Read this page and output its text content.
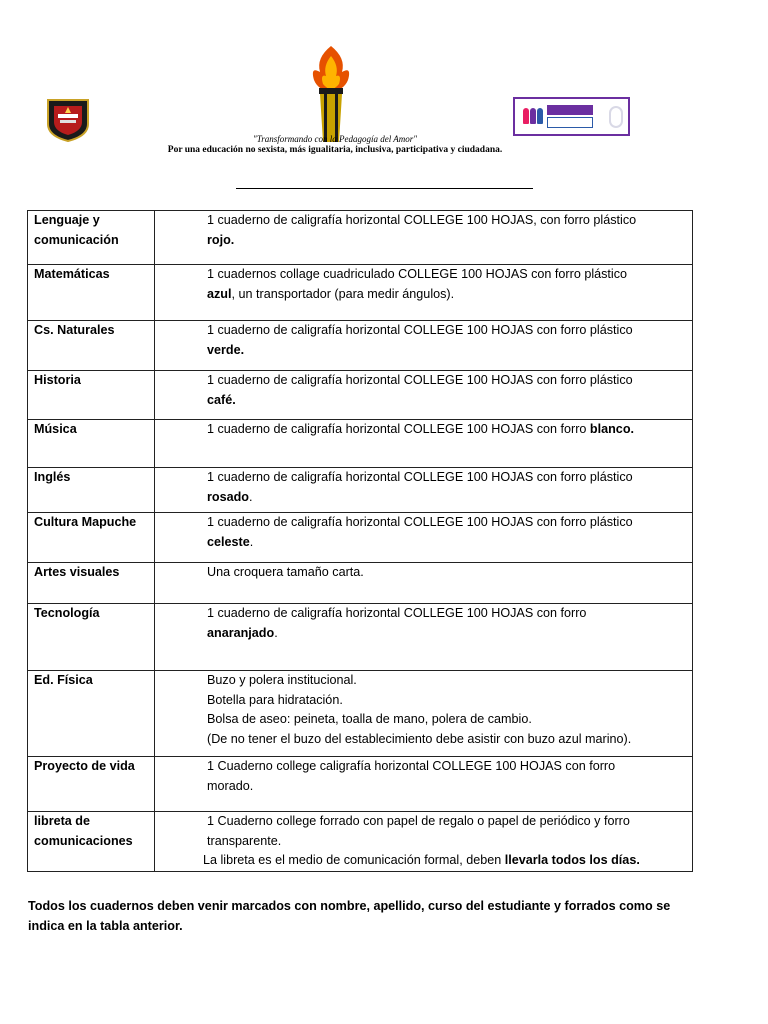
"Transformando con la Pedagogía del Amor"
Por una educación no sexista, más igualitaria, inclusiva, participativa y ciudadana.
Lenguaje y comunicación	1 cuaderno de caligrafía horizontal COLLEGE 100 HOJAS, con forro plástico
rojo.

Matemáticas	1 cuadernos collage cuadriculado COLLEGE 100 HOJAS con forro plástico
azul, un transportador (para medir ángulos).

Cs. Naturales	1 cuaderno de caligrafía horizontal COLLEGE 100 HOJAS con forro plástico
verde.

Historia	1 cuaderno de caligrafía horizontal COLLEGE 100 HOJAS con forro plástico
café.

Música	1 cuaderno de caligrafía horizontal COLLEGE 100 HOJAS con forro blanco.

Inglés	1 cuaderno de caligrafía horizontal COLLEGE 100 HOJAS con forro plástico
rosado.

Cultura Mapuche	1 cuaderno de caligrafía horizontal COLLEGE 100 HOJAS con forro plástico
celeste.

Artes visuales	Una croquera tamaño carta.

Tecnología	1 cuaderno de caligrafía horizontal COLLEGE 100 HOJAS con forro
anaranjado.

Ed. Física	Buzo y polera institucional.
Botella para hidratación.
Bolsa de aseo: peineta, toalla de mano, polera de cambio.
(De no tener el buzo del establecimiento debe asistir con buzo azul marino).

Proyecto de vida	1 Cuaderno college caligrafía horizontal COLLEGE 100 HOJAS con forro
morado.

libreta de comunicaciones	1 Cuaderno college forrado con papel de regalo o papel de periódico y forro
transparente.
La libreta es el medio de comunicación formal, deben llevarla todos los días.
Todos los cuadernos deben venir marcados con nombre, apellido, curso del estudiante y forrados como se indica en la tabla anterior.
